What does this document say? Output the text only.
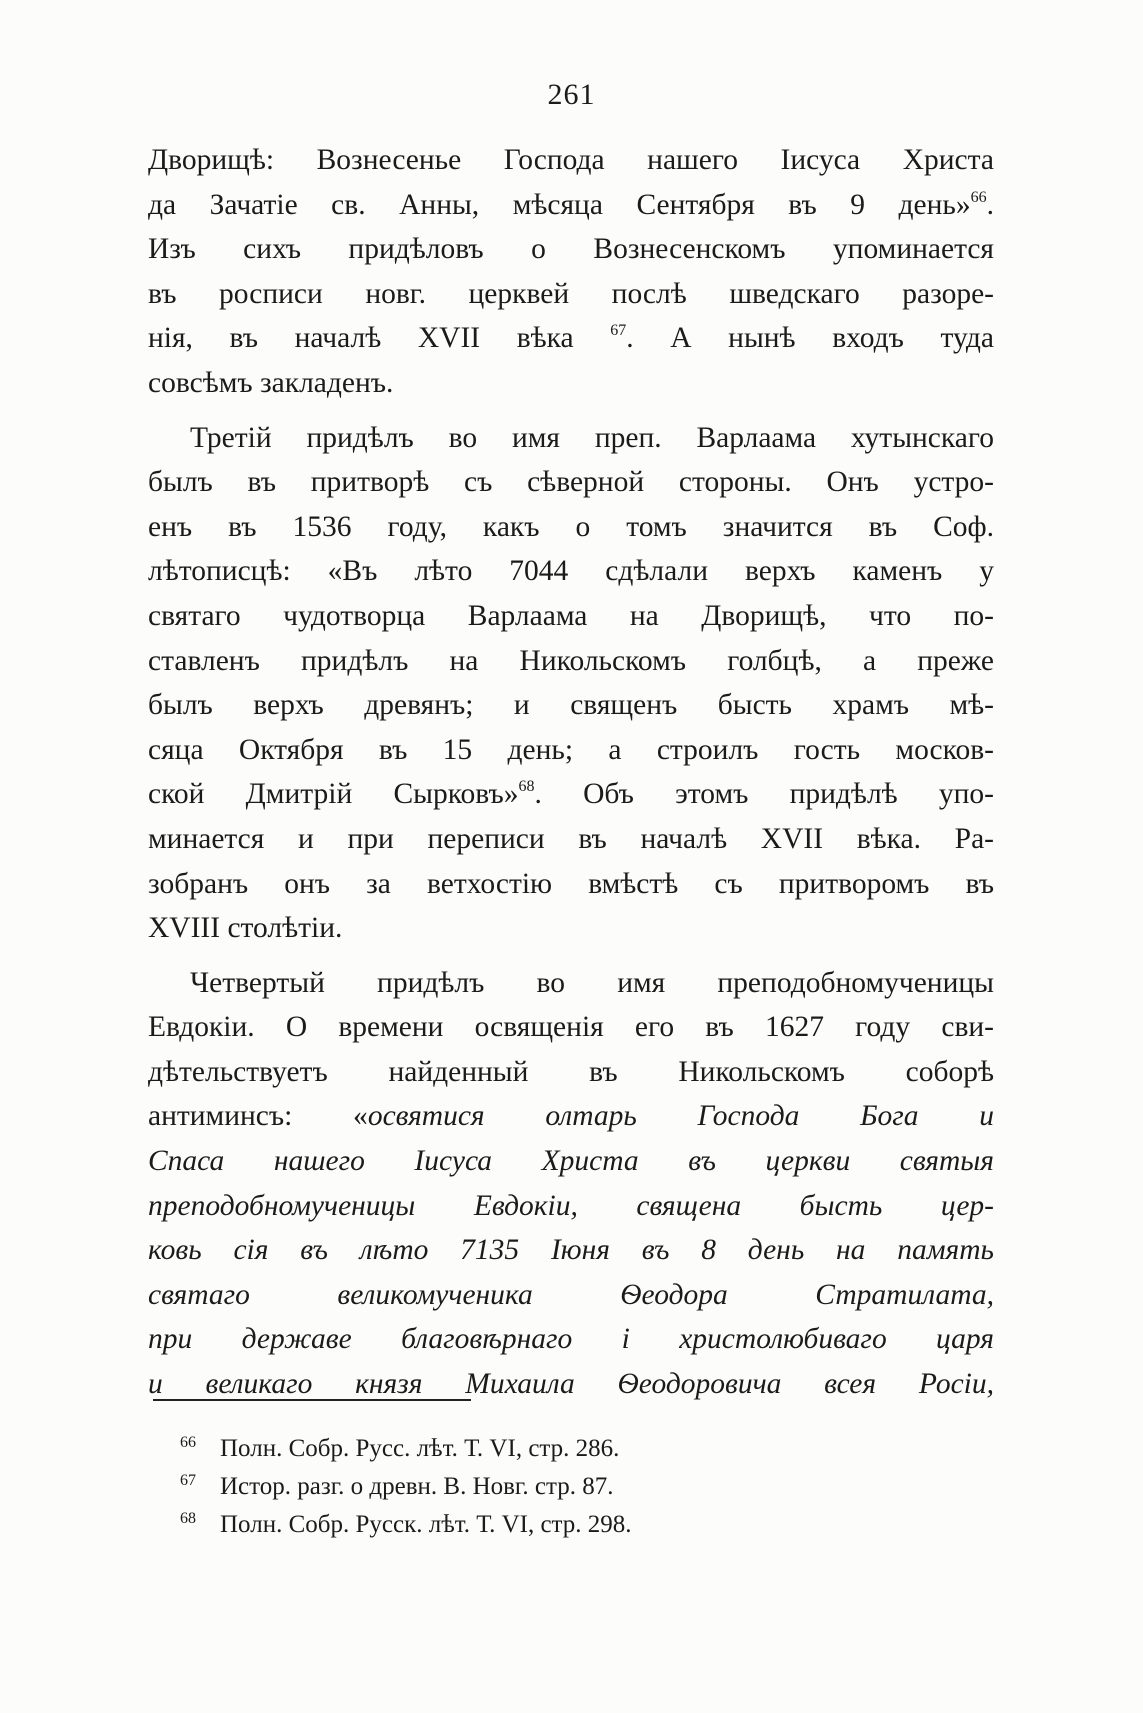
261
Дворищѣ: Вознесенье Господа нашего Іисуса Христа
да Зачатіе св. Анны, мѣсяца Сентября въ 9 день»$^{66}$.
Изъ сихъ придѣловъ о Вознесенскомъ упоминается
въ росписи новг. церквей послѣ шведскаго разоре-
нія, въ началѣ XVII вѣка $^{67}$. А нынѣ входъ туда
совсѣмъ закладенъ.
Третій придѣлъ во имя преп. Варлаама хутынскаго
былъ въ притворѣ съ сѣверной стороны. Онъ устро-
енъ въ 1536 году, какъ о томъ значится въ Соф.
лѣтописцѣ: «Въ лѣто 7044 сдѣлали верхъ каменъ у
святаго чудотворца Варлаама на Дворищѣ, что по-
ставленъ придѣлъ на Никольскомъ голбцѣ, а преже
былъ верхъ древянъ; и священъ бысть храмъ мѣ-
сяца Октября въ 15 день; а строилъ гость москов-
ской Дмитрій Сырковъ»$^{68}$. Объ этомъ придѣлѣ упо-
минается и при переписи въ началѣ XVII вѣка. Ра-
зобранъ онъ за ветхостію вмѣстѣ съ притворомъ въ
XVIII столѣтіи.
Четвертый придѣлъ во имя преподобномученицы
Евдокіи. О времени освященія его въ 1627 году сви-
дѣтельствуетъ найденный въ Никольскомъ соборѣ
антиминсъ: «освятися олтарь Господа Бога и
Спаса нашего Іисуса Христа въ церкви святыя
преподобномученицы Евдокіи, священа бысть цер-
ковь сія въ лѣто 7135 Іюня въ 8 день на память
святаго великомученика Ѳеодора Стратилата,
при державе благовѣрнаго і христолюбиваго царя
и великаго князя Михаила Ѳеодоровича всея Росіи,
66 Полн. Собр. Русс. лѣт. Т. VI, стр. 286.
67 Истор. разг. о древн. В. Новг. стр. 87.
68 Полн. Собр. Русск. лѣт. Т. VI, стр. 298.
